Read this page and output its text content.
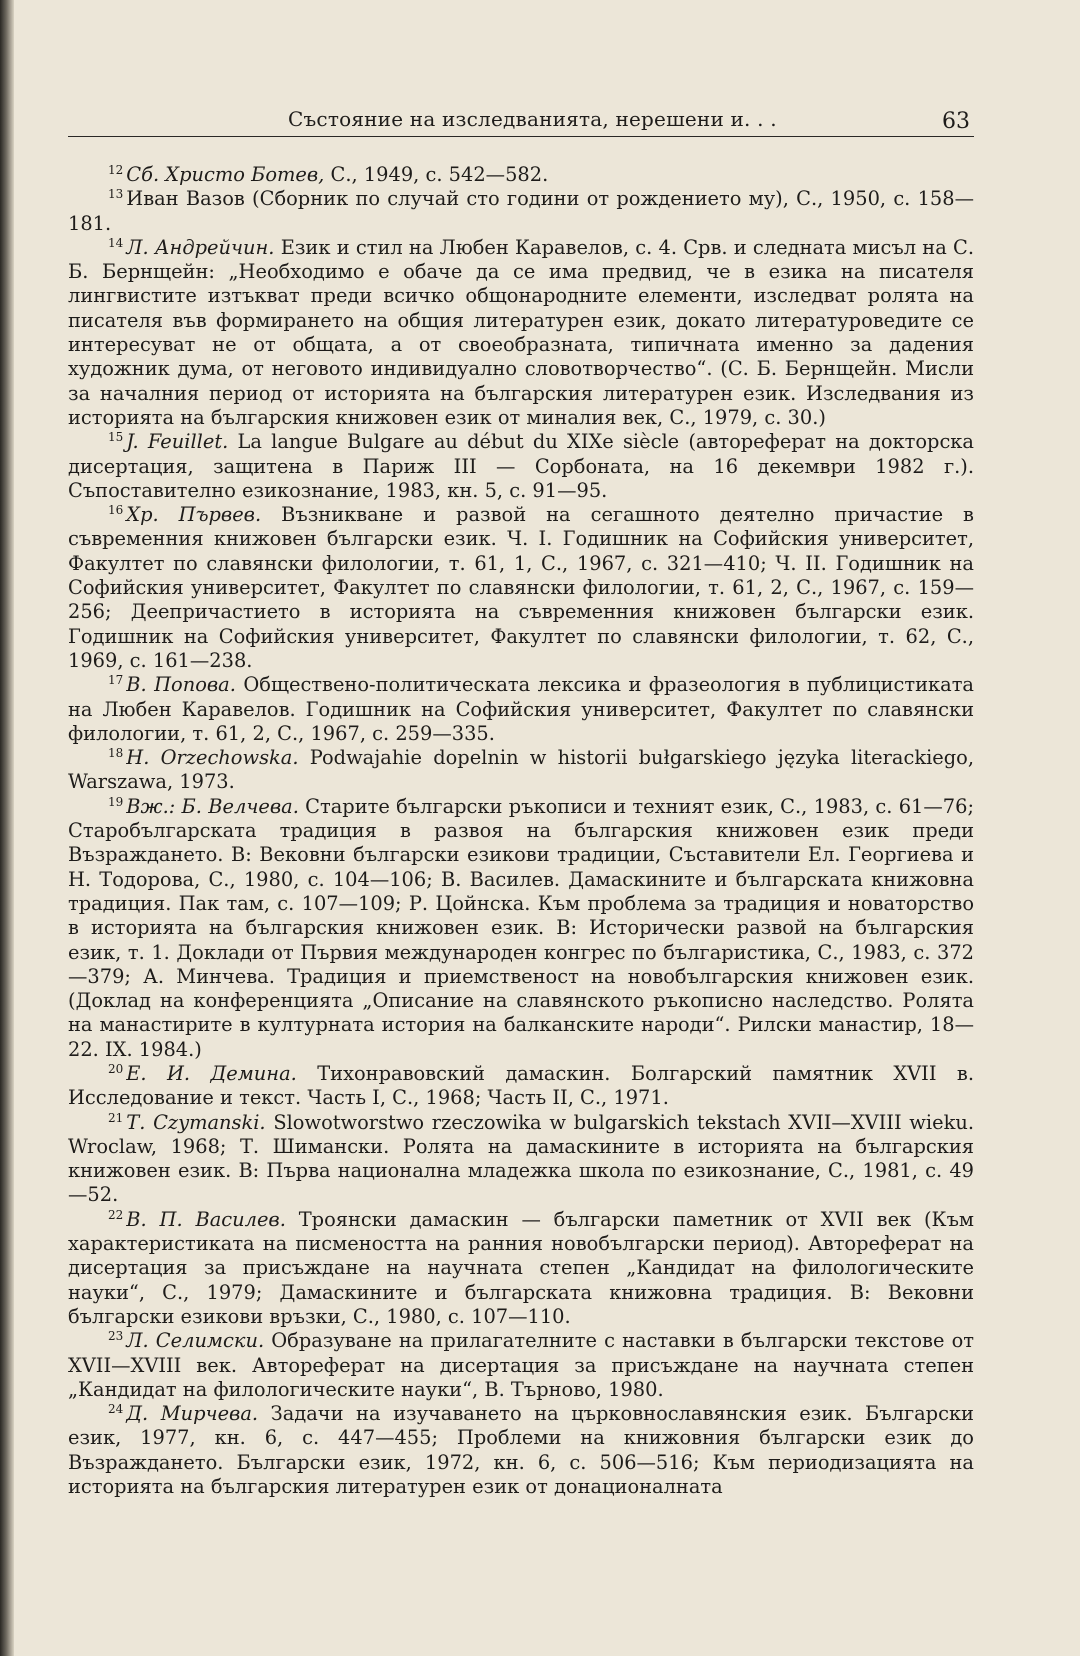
Състояние на изследванията, нерешени и. . .	63

$^{12}$ Сб. Христо Ботев, С., 1949, с. 542—582.

$^{13}$ Иван Вазов (Сборник по случай сто години от рождението му), С., 1950, с. 158—181.

$^{14}$ Л. Андрейчин. Език и стил на Любен Каравелов, с. 4. Срв. и следната мисъл на С. Б. Бернщейн: „Необходимо е обаче да се има предвид, че в езика на писателя лингвистите изтъкват преди всичко общонародните елементи, изследват ролята на писателя във формирането на общия литературен език, докато литературоведите се интересуват не от общата, а от своеобразната, типичната именно за дадения художник дума, от неговото индивидуално словотворчество“. (С. Б. Бернщейн. Мисли за началния период от историята на българския литературен език. Изследвания из историята на българския книжовен език от миналия век, С., 1979, с. 30.)

$^{15}$ J. Feuillet. La langue Bulgare au début du XIXe siècle (автореферат на докторска дисертация, защитена в Париж III — Сорбоната, на 16 декември 1982 г.). Съпоставително езикознание, 1983, кн. 5, с. 91—95.

$^{16}$ Хр. Първев. Възникване и развой на сегашното деятелно причастие в съвременния книжовен български език. Ч. I. Годишник на Софийския университет, Факултет по славянски филологии, т. 61, 1, С., 1967, с. 321—410; Ч. II. Годишник на Софийския университет, Факултет по славянски филологии, т. 61, 2, С., 1967, с. 159—256; Деепричастието в историята на съвременния книжовен български език. Годишник на Софийския университет, Факултет по славянски филологии, т. 62, С., 1969, с. 161—238.

$^{17}$ В. Попова. Обществено-политическата лексика и фразеология в публицистиката на Любен Каравелов. Годишник на Софийския университет, Факултет по славянски филологии, т. 61, 2, С., 1967, с. 259—335.

$^{18}$ H. Orzechowska. Podwajahie dopelnin w historii bułgarskiego języka literackiego, Warszawa, 1973.

$^{19}$ Вж.: Б. Велчева. Старите български ръкописи и техният език, С., 1983, с. 61—76; Старобългарската традиция в развоя на българския книжовен език преди Възраждането. В: Вековни български езикови традиции, Съставители Ел. Георгиева и Н. Тодорова, С., 1980, с. 104—106; В. Василев. Дамаскините и българската книжовна традиция. Пак там, с. 107—109; Р. Цойнска. Към проблема за традиция и новаторство в историята на българския книжовен език. В: Исторически развой на българския език, т. 1. Доклади от Първия международен конгрес по българистика, С., 1983, с. 372—379; А. Минчева. Традиция и приемственост на новобългарския книжовен език. (Доклад на конференцията „Описание на славянското ръкописно наследство. Ролята на манастирите в културната история на балканските народи“. Рилски манастир, 18—22. IX. 1984.)

$^{20}$ Е. И. Демина. Тихонравовский дамаскин. Болгарский памятник XVII в. Исследование и текст. Часть I, С., 1968; Часть II, С., 1971.

$^{21}$ Т. Czymanski. Slowotworstwo rzeczowika w bulgarskich tekstach XVII—XVIII wieku. Wroclaw, 1968; Т. Шимански. Ролята на дамаскините в историята на българския книжовен език. В: Първа национална младежка школа по езикознание, С., 1981, с. 49—52.

$^{22}$ В. П. Василев. Троянски дамаскин — български паметник от XVII век (Към характеристиката на писмеността на ранния новобългарски период). Автореферат на дисертация за присъждане на научната степен „Кандидат на филологическите науки“, С., 1979; Дамаскините и българската книжовна традиция. В: Вековни български езикови връзки, С., 1980, с. 107—110.

$^{23}$ Л. Селимски. Образуване на прилагателните с наставки в български текстове от XVII—XVIII век. Автореферат на дисертация за присъждане на научната степен „Кандидат на филологическите науки“, В. Търново, 1980.

$^{24}$ Д. Мирчева. Задачи на изучаването на църковнославянския език. Български език, 1977, кн. 6, с. 447—455; Проблеми на книжовния български език до Възраждането. Български език, 1972, кн. 6, с. 506—516; Към периодизацията на историята на българския литературен език от донационалната
